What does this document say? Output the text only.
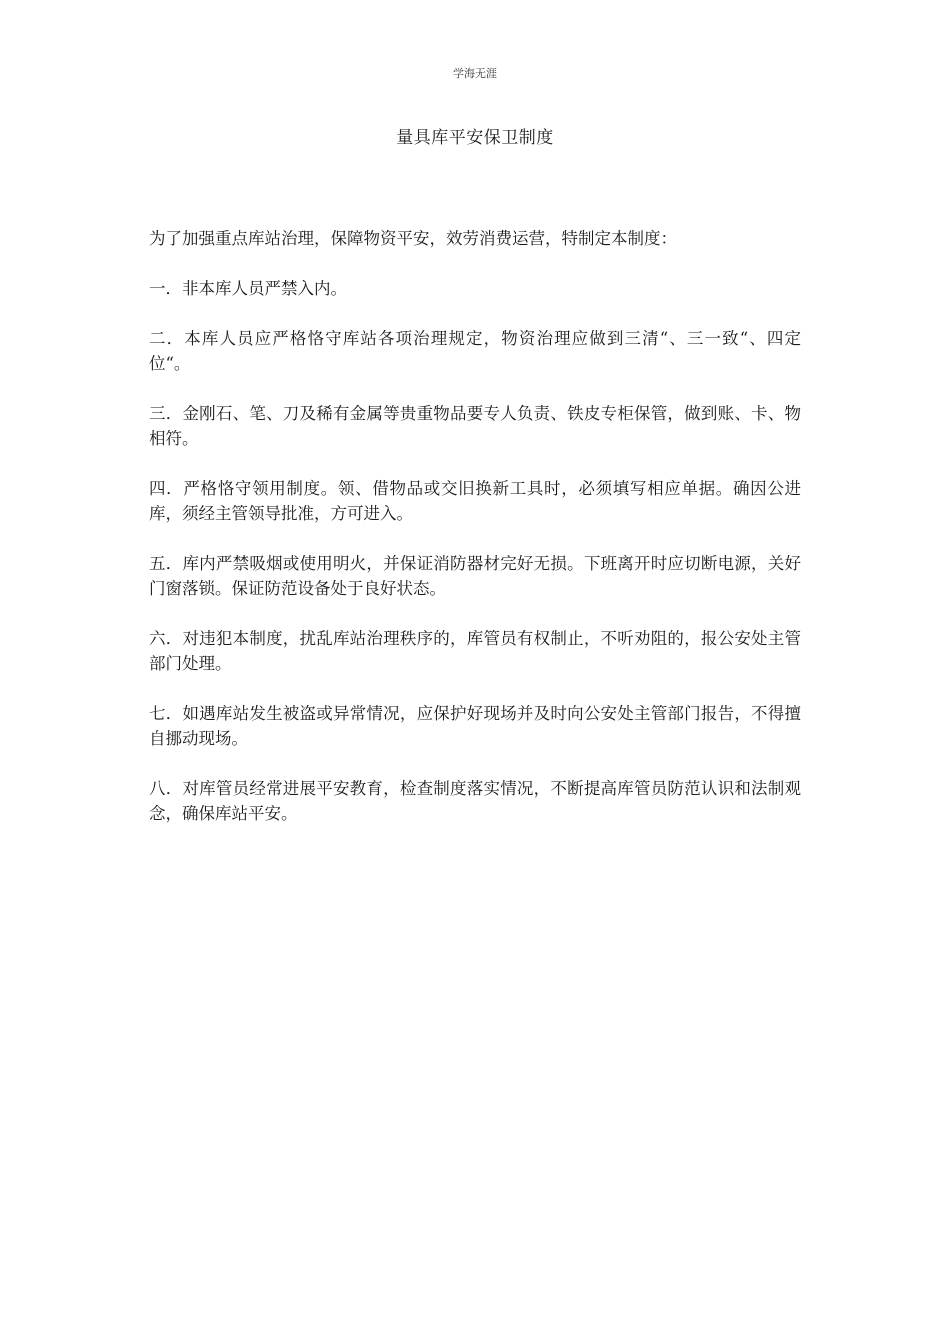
学海无涯
量具库平安保卫制度

为了加强重点库站治理，保障物资平安，效劳消费运营，特制定本制度：

一．非本库人员严禁入内。

二．本库人员应严格恪守库站各项治理规定，物资治理应做到三清“、三一致“、四定位“。

三．金刚石、笔、刀及稀有金属等贵重物品要专人负责、铁皮专柜保管，做到账、卡、物相符。

四．严格恪守领用制度。领、借物品或交旧换新工具时，必须填写相应单据。确因公进库，须经主管领导批准，方可进入。

五．库内严禁吸烟或使用明火，并保证消防器材完好无损。下班离开时应切断电源，关好门窗落锁。保证防范设备处于良好状态。

六．对违犯本制度，扰乱库站治理秩序的，库管员有权制止，不听劝阻的，报公安处主管部门处理。

七．如遇库站发生被盗或异常情况，应保护好现场并及时向公安处主管部门报告，不得擅自挪动现场。

八．对库管员经常进展平安教育，检查制度落实情况，不断提高库管员防范认识和法制观念，确保库站平安。
